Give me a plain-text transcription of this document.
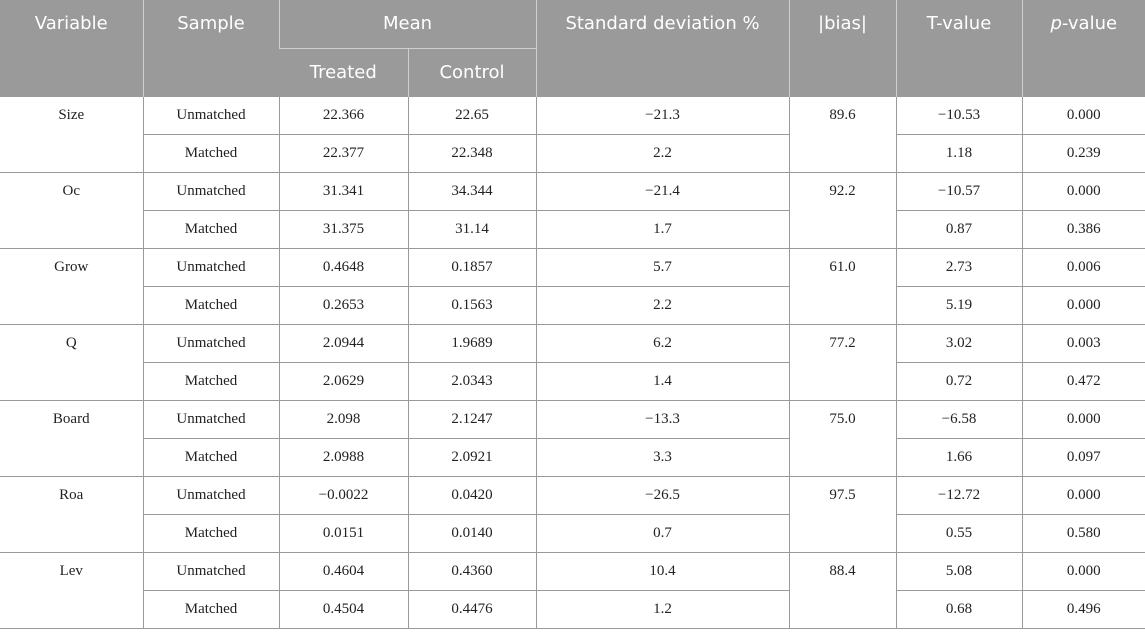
Variable	Sample	Mean		Standard deviation %	|bias|	T-value	p-value
		Treated	Control				
Size	Unmatched	22.366	22.65	−21.3	89.6	−10.53	0.000
	Matched	22.377	22.348	2.2		1.18	0.239
Oc	Unmatched	31.341	34.344	−21.4	92.2	−10.57	0.000
	Matched	31.375	31.14	1.7		0.87	0.386
Grow	Unmatched	0.4648	0.1857	5.7	61.0	2.73	0.006
	Matched	0.2653	0.1563	2.2		5.19	0.000
Q	Unmatched	2.0944	1.9689	6.2	77.2	3.02	0.003
	Matched	2.0629	2.0343	1.4		0.72	0.472
Board	Unmatched	2.098	2.1247	−13.3	75.0	−6.58	0.000
	Matched	2.0988	2.0921	3.3		1.66	0.097
Roa	Unmatched	−0.0022	0.0420	−26.5	97.5	−12.72	0.000
	Matched	0.0151	0.0140	0.7		0.55	0.580
Lev	Unmatched	0.4604	0.4360	10.4	88.4	5.08	0.000
	Matched	0.4504	0.4476	1.2		0.68	0.496
